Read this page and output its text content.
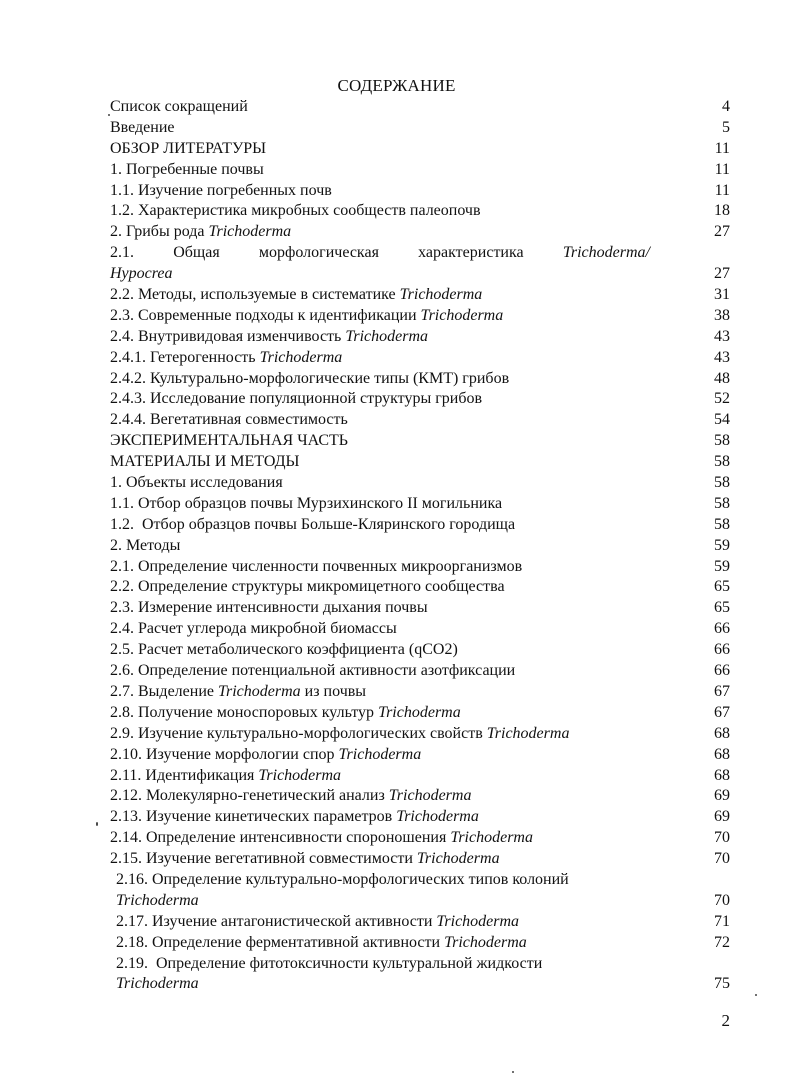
СОДЕРЖАНИЕ
Список сокращений	4
Введение	5
ОБЗОР ЛИТЕРАТУРЫ	11
1. Погребенные почвы	11
1.1. Изучение погребенных почв	11
1.2. Характеристика микробных сообществ палеопочв	18
2. Грибы рода Trichoderma	27
2.1. Общая морфологическая характеристика Trichoderma/
Hypocrea	27
2.2. Методы, используемые в систематике Trichoderma	31
2.3. Современные подходы к идентификации Trichoderma	38
2.4. Внутривидовая изменчивость Trichoderma	43
2.4.1. Гетерогенность Trichoderma	43
2.4.2. Культурально-морфологические типы (КМТ) грибов	48
2.4.3. Исследование популяционной структуры грибов	52
2.4.4. Вегетативная совместимость	54
ЭКСПЕРИМЕНТАЛЬНАЯ ЧАСТЬ	58
МАТЕРИАЛЫ И МЕТОДЫ	58
1. Объекты исследования	58
1.1. Отбор образцов почвы Мурзихинского II могильника	58
1.2.  Отбор образцов почвы Больше-Кляринского городища	58
2. Методы	59
2.1. Определение численности почвенных микроорганизмов	59
2.2. Определение структуры микромицетного сообщества	65
2.3. Измерение интенсивности дыхания почвы	65
2.4. Расчет углерода микробной биомассы	66
2.5. Расчет метаболического коэффициента (qCO2)	66
2.6. Определение потенциальной активности азотфиксации	66
2.7. Выделение Trichoderma из почвы	67
2.8. Получение моноспоровых культур Trichoderma	67
2.9. Изучение культурально-морфологических свойств Trichoderma	68
2.10. Изучение морфологии спор Trichoderma	68
2.11. Идентификация Trichoderma	68
2.12. Молекулярно-генетический анализ Trichoderma	69
2.13. Изучение кинетических параметров Trichoderma	69
2.14. Определение интенсивности спороношения Trichoderma	70
2.15. Изучение вегетативной совместимости Trichoderma	70
2.16. Определение культурально-морфологических типов колоний
Trichoderma	70
2.17. Изучение антагонистической активности Trichoderma	71
2.18. Определение ферментативной активности Trichoderma	72
2.19.  Определение фитотоксичности культуральной жидкости
Trichoderma	75
2
